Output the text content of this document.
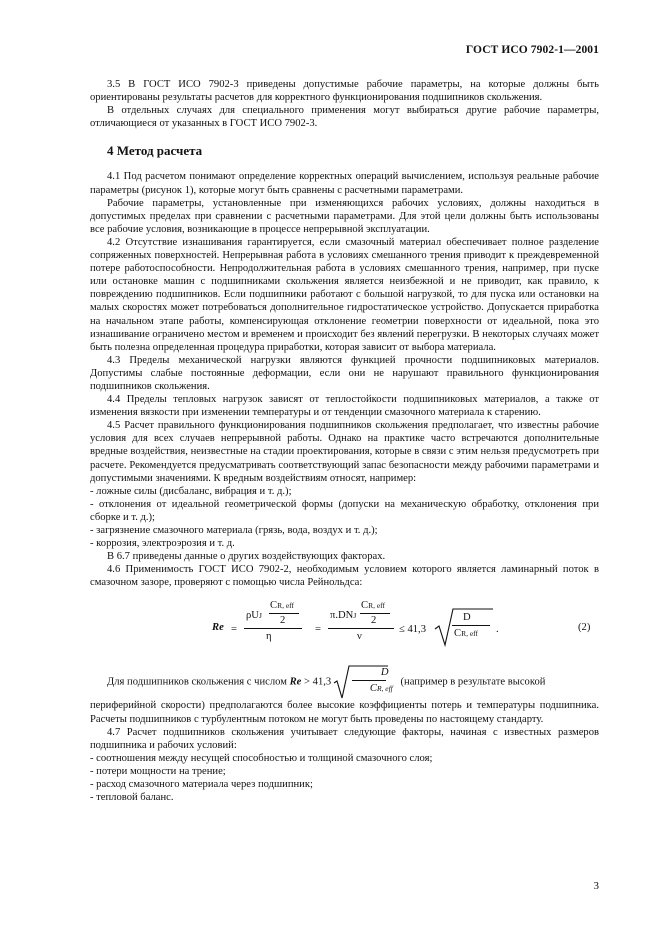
ГОСТ ИСО 7902-1—2001

3.5 В ГОСТ ИСО 7902-3 приведены допустимые рабочие параметры, на которые должны быть ориентированы результаты расчетов для корректного функционирования подшипников скольжения.

В отдельных случаях для специального применения могут выбираться другие рабочие параметры, отличающиеся от указанных в ГОСТ ИСО 7902-3.

4 Метод расчета

4.1 Под расчетом понимают определение корректных операций вычислением, используя реальные рабочие параметры (рисунок 1), которые могут быть сравнены с расчетными параметрами.

Рабочие параметры, установленные при изменяющихся рабочих условиях, должны находиться в допустимых пределах при сравнении с расчетными параметрами. Для этой цели должны быть использованы все рабочие условия, возникающие в процессе непрерывной эксплуатации.

4.2 Отсутствие изнашивания гарантируется, если смазочный материал обеспечивает полное разделение сопряженных поверхностей. Непрерывная работа в условиях смешанного трения приводит к преждевременной потере работоспособности. Непродолжительная работа в условиях смешанного трения, например, при пуске или остановке машин с подшипниками скольжения является неизбежной и не приводит, как правило, к повреждению подшипников. Если подшипники работают с большой нагрузкой, то для пуска или остановки на малых скоростях может потребоваться дополнительное гидростатическое устройство. Допускается приработка на начальном этапе работы, компенсирующая отклонение геометрии поверхности от идеальной, пока это изнашивание ограничено местом и временем и происходит без явлений перегрузки. В некоторых случаях может быть полезна определенная процедура приработки, которая зависит от выбора материала.

4.3 Пределы механической нагрузки являются функцией прочности подшипниковых материалов. Допустимы слабые постоянные деформации, если они не нарушают правильного функционирования подшипников скольжения.

4.4 Пределы тепловых нагрузок зависят от теплостойкости подшипниковых материалов, а также от изменения вязкости при изменении температуры и от тенденции смазочного материала к старению.

4.5 Расчет правильного функционирования подшипников скольжения предполагает, что известны рабочие условия для всех случаев непрерывной работы. Однако на практике часто встречаются дополнительные вредные воздействия, неизвестные на стадии проектирования, которые в связи с этим нельзя предусмотреть при расчете. Рекомендуется предусматривать соответствующий запас безопасности между рабочими параметрами и допустимыми значениями. К вредным воздействиям относят, например:

- ложные силы (дисбаланс, вибрация и т. д.);

- отклонения от идеальной геометрической формы (допуски на механическую обработку, отклонения при сборке и т. д.);

- загрязнение смазочного материала (грязь, вода, воздух и т. д.);

- коррозия, электроэрозия и т. д.

В 6.7 приведены данные о других воздействующих факторах.

4.6 Применимость ГОСТ ИСО 7902-2, необходимым условием которого является ламинарный поток в смазочном зазоре, проверяют с помощью числа Рейнольдса:

Re =
ρUJ
CR, eff
2
η
=
π.DNJ
CR, eff
2
ν
≤ 41,3
D
CR, eff .	(2)

Для подшипников скольжения с числом Re > 41,3
D
CR, eff
(например в результате высокой

периферийной скорости) предполагаются более высокие коэффициенты потерь и температуры подшипника. Расчеты подшипников с турбулентным потоком не могут быть проведены по настоящему стандарту.

4.7 Расчет подшипников скольжения учитывает следующие факторы, начиная с известных размеров подшипника и рабочих условий:

- соотношения между несущей способностью и толщиной смазочного слоя;

- потери мощности на трение;

- расход смазочного материала через подшипник;

- тепловой баланс.

3
